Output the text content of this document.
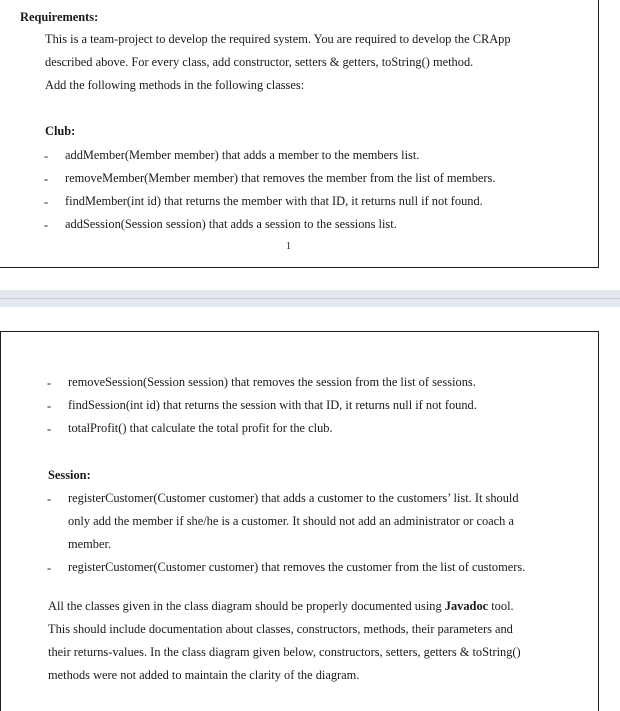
Requirements:
This is a team-project to develop the required system. You are required to develop the CRApp
described above. For every class, add constructor, setters & getters, toString() method.
Add the following methods in the following classes:
Club:
- addMember(Member member) that adds a member to the members list.
- removeMember(Member member) that removes the member from the list of members.
- findMember(int id) that returns the member with that ID, it returns null if not found.
- addSession(Session session) that adds a session to the sessions list.
1
- removeSession(Session session) that removes the session from the list of sessions.
- findSession(int id) that returns the session with that ID, it returns null if not found.
- totalProfit() that calculate the total profit for the club.
Session:
- registerCustomer(Customer customer) that adds a customer to the customers’ list. It should
only add the member if she/he is a customer. It should not add an administrator or coach a
member.
- registerCustomer(Customer customer) that removes the customer from the list of customers.
All the classes given in the class diagram should be properly documented using Javadoc tool.
This should include documentation about classes, constructors, methods, their parameters and
their returns-values. In the class diagram given below, constructors, setters, getters & toString()
methods were not added to maintain the clarity of the diagram.
